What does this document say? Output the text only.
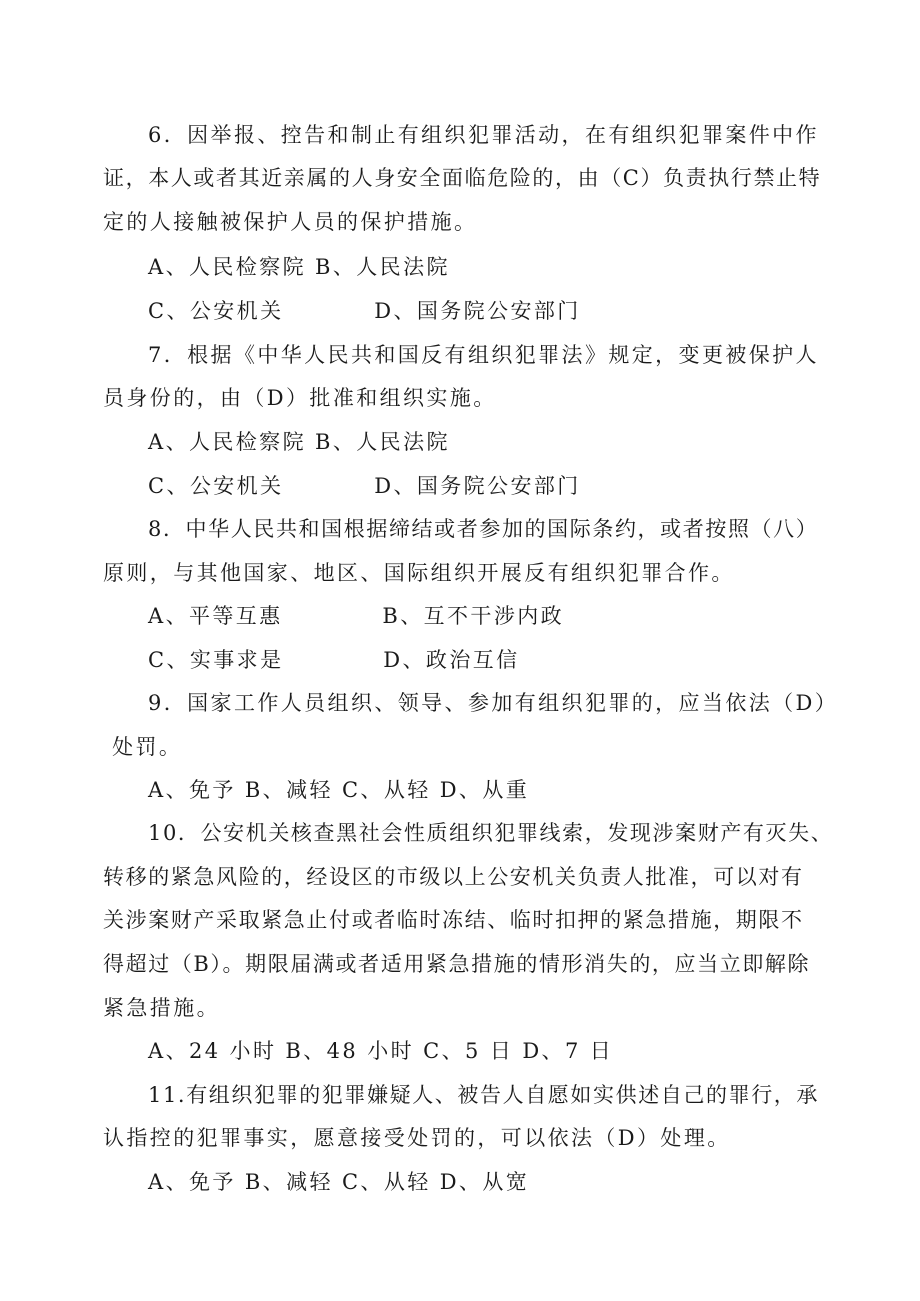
6．因举报、控告和制止有组织犯罪活动，在有组织犯罪案件中作

证，本人或者其近亲属的人身安全面临危险的，由（C）负责执行禁止特

定的人接触被保护人员的保护措施。

A、人民检察院 B、人民法院

C、公安机关          D、国务院公安部门

7．根据《中华人民共和国反有组织犯罪法》规定，变更被保护人

员身份的，由（D）批准和组织实施。

A、人民检察院 B、人民法院

C、公安机关          D、国务院公安部门

8．中华人民共和国根据缔结或者参加的国际条约，或者按照（八）

原则，与其他国家、地区、国际组织开展反有组织犯罪合作。

A、平等互惠           B、互不干涉内政

C、实事求是           D、政治互信

9．国家工作人员组织、领导、参加有组织犯罪的，应当依法（D）

处罚。

A、免予 B、减轻 C、从轻 D、从重

10．公安机关核查黑社会性质组织犯罪线索，发现涉案财产有灭失、

转移的紧急风险的，经设区的市级以上公安机关负责人批准，可以对有

关涉案财产采取紧急止付或者临时冻结、临时扣押的紧急措施，期限不

得超过（B）。期限届满或者适用紧急措施的情形消失的，应当立即解除

紧急措施。

A、24 小时 B、48 小时 C、5 日 D、7 日

11.有组织犯罪的犯罪嫌疑人、被告人自愿如实供述自己的罪行，承

认指控的犯罪事实，愿意接受处罚的，可以依法（D）处理。

A、免予 B、减轻 C、从轻 D、从宽
